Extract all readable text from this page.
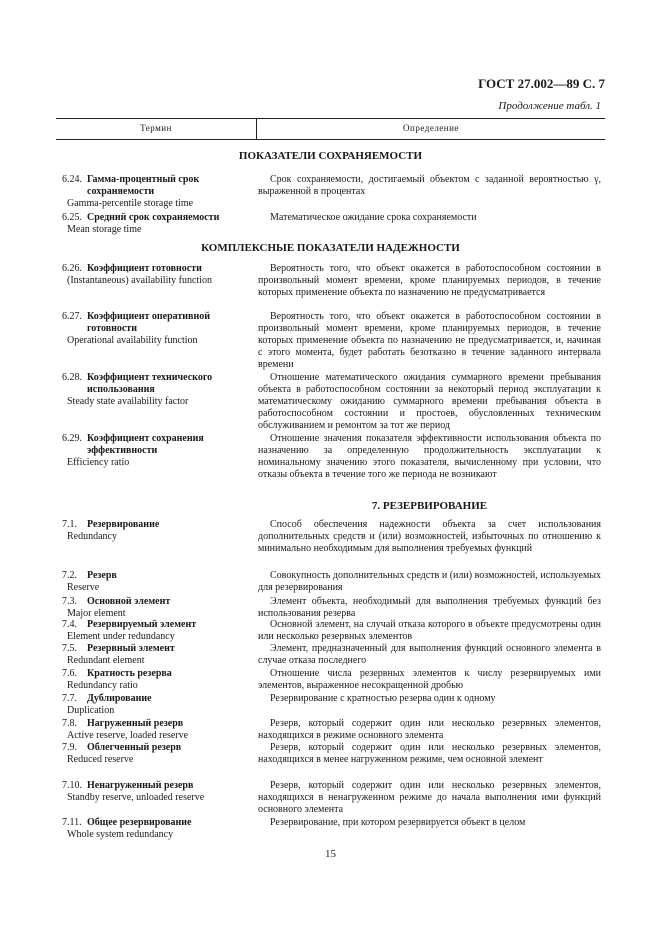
ГОСТ 27.002—89 С. 7
Продолжение табл. 1
Термин	Определение
ПОКАЗАТЕЛИ СОХРАНЯЕМОСТИ
6.24. Гамма-процентный срок сохраняемости
Gamma-percentile storage time

Срок сохраняемости, достигаемый объектом с заданной вероятностью γ, выраженной в процентах

6.25. Средний срок сохраняемости
Mean storage time

Математическое ожидание срока сохраняемости

КОМПЛЕКСНЫЕ ПОКАЗАТЕЛИ НАДЕЖНОСТИ
6.26. Коэффициент готовности
(Instantaneous) availability function

Вероятность того, что объект окажется в работоспособном состоянии в произвольный момент времени, кроме планируемых периодов, в течение которых применение объекта по назначению не предусматривается

6.27. Коэффициент оперативной готовности
Operational availability function

Вероятность того, что объект окажется в работоспособном состоянии в произвольный момент времени, кроме планируемых периодов, в течение которых применение объекта по назначению не предусматривается, и, начиная с этого момента, будет работать безотказно в течение заданного интервала времени

6.28. Коэффициент технического использования
Steady state availability factor

Отношение математического ожидания суммарного времени пребывания объекта в работоспособном состоянии за некоторый период эксплуатации к математическому ожиданию суммарного времени пребывания объекта в работоспособном состоянии и простоев, обусловленных техническим обслуживанием и ремонтом за тот же период

6.29. Коэффициент сохранения эффективности
Efficiency ratio

Отношение значения показателя эффективности использования объекта по назначению за определенную продолжительность эксплуатации к номинальному значению этого показателя, вычисленному при условии, что отказы объекта в течение того же периода не возникают

7. РЕЗЕРВИРОВАНИЕ
7.1.	Резервирование
Redundancy

Способ обеспечения надежности объекта за счет использования дополнительных средств и (или) возможностей, избыточных по отношению к минимально необходимым для выполнения требуемых функций

7.2.	Резерв
Reserve

Совокупность дополнительных средств и (или) возможностей, используемых для резервирования

7.3.	Основной элемент
Major element

Элемент объекта, необходимый для выполнения требуемых функций без использования резерва

7.4.	Резервируемый элемент
Element under redundancy

Основной элемент, на случай отказа которого в объекте предусмотрены один или несколько резервных элементов

7.5.	Резервный элемент
Redundant element

Элемент, предназначенный для выполнения функций основного элемента в случае отказа последнего

7.6.	Кратность резерва
Redundancy ratio

Отношение числа резервных элементов к числу резервируемых ими элементов, выраженное несокращенной дробью

7.7.	Дублирование
Duplication

Резервирование с кратностью резерва один к одному

7.8.	Нагруженный резерв
Active reserve, loaded reserve

Резерв, который содержит один или несколько резервных элементов, находящихся в режиме основного элемента

7.9.	Облегченный резерв
Reduced reserve

Резерв, который содержит один или несколько резервных элементов, находящихся в менее нагруженном режиме, чем основной элемент

7.10. Ненагруженный резерв
Standby reserve, unloaded reserve

Резерв, который содержит один или несколько резервных элементов, находящихся в ненагруженном режиме до начала выполнения ими функций основного элемента

7.11. Общее резервирование
Whole system redundancy

Резервирование, при котором резервируется объект в целом

15
